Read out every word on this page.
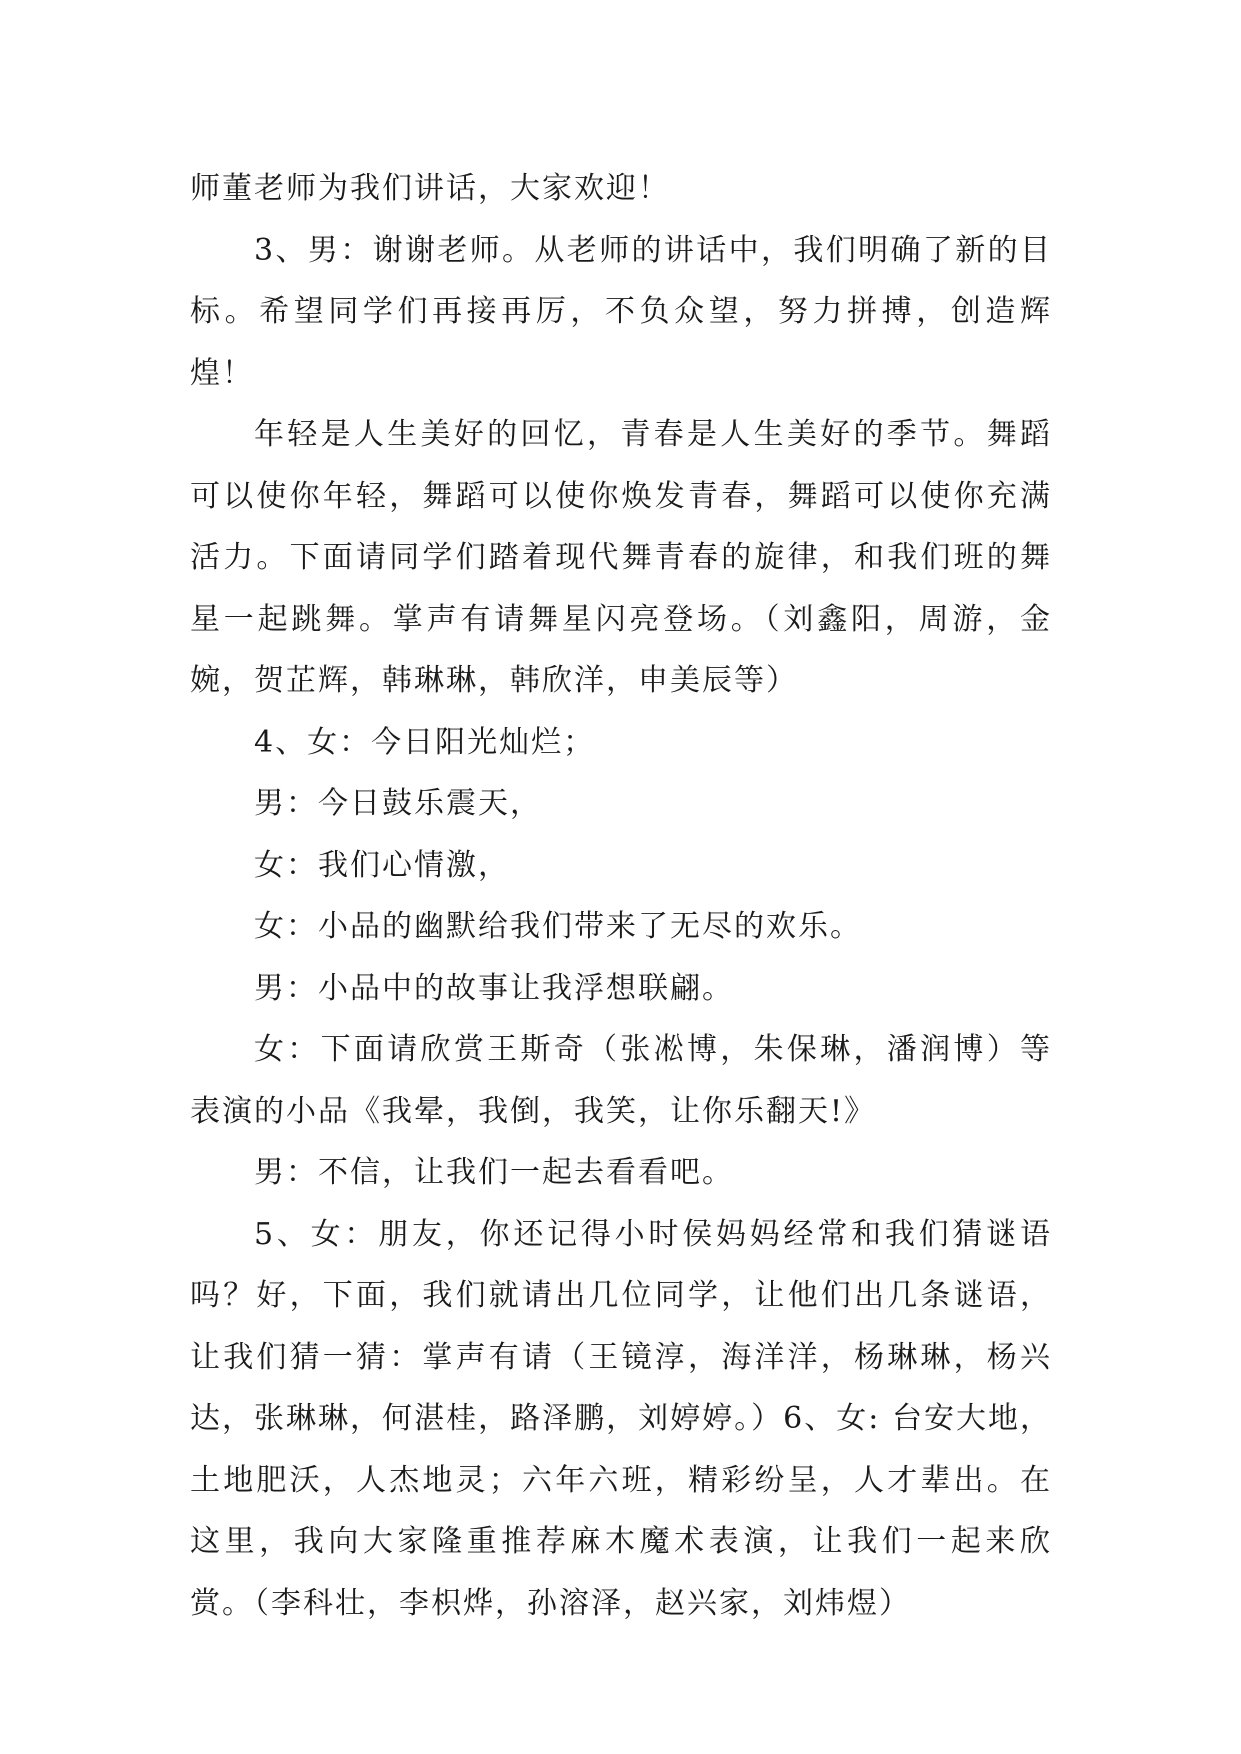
师董老师为我们讲话，大家欢迎！

3、男：谢谢老师。从老师的讲话中，我们明确了新的目标。希望同学们再接再厉，不负众望，努力拼搏，创造辉煌！

年轻是人生美好的回忆，青春是人生美好的季节。舞蹈可以使你年轻，舞蹈可以使你焕发青春，舞蹈可以使你充满活力。下面请同学们踏着现代舞青春的旋律，和我们班的舞星一起跳舞。掌声有请舞星闪亮登场。（刘鑫阳，周游，金婉，贺芷辉，韩琳琳，韩欣洋，申美辰等）

4、女：今日阳光灿烂；

男：今日鼓乐震天，

女：我们心情激，

女：小品的幽默给我们带来了无尽的欢乐。

男：小品中的故事让我浮想联翩。

女：下面请欣赏王斯奇（张凇博，朱保琳，潘润博）等表演的小品《我晕，我倒，我笑，让你乐翻天!》

男：不信，让我们一起去看看吧。

5、女：朋友，你还记得小时侯妈妈经常和我们猜谜语吗？好，下面，我们就请出几位同学，让他们出几条谜语，让我们猜一猜：掌声有请（王镜淳，海洋洋，杨琳琳，杨兴达，张琳琳，何湛桂，路泽鹏，刘婷婷。）6、女: 台安大地，土地肥沃，人杰地灵；六年六班，精彩纷呈，人才辈出。在这里，我向大家隆重推荐麻木魔术表演，让我们一起来欣赏。（李科壮，李枳烨，孙溶泽，赵兴家，刘炜煜）
